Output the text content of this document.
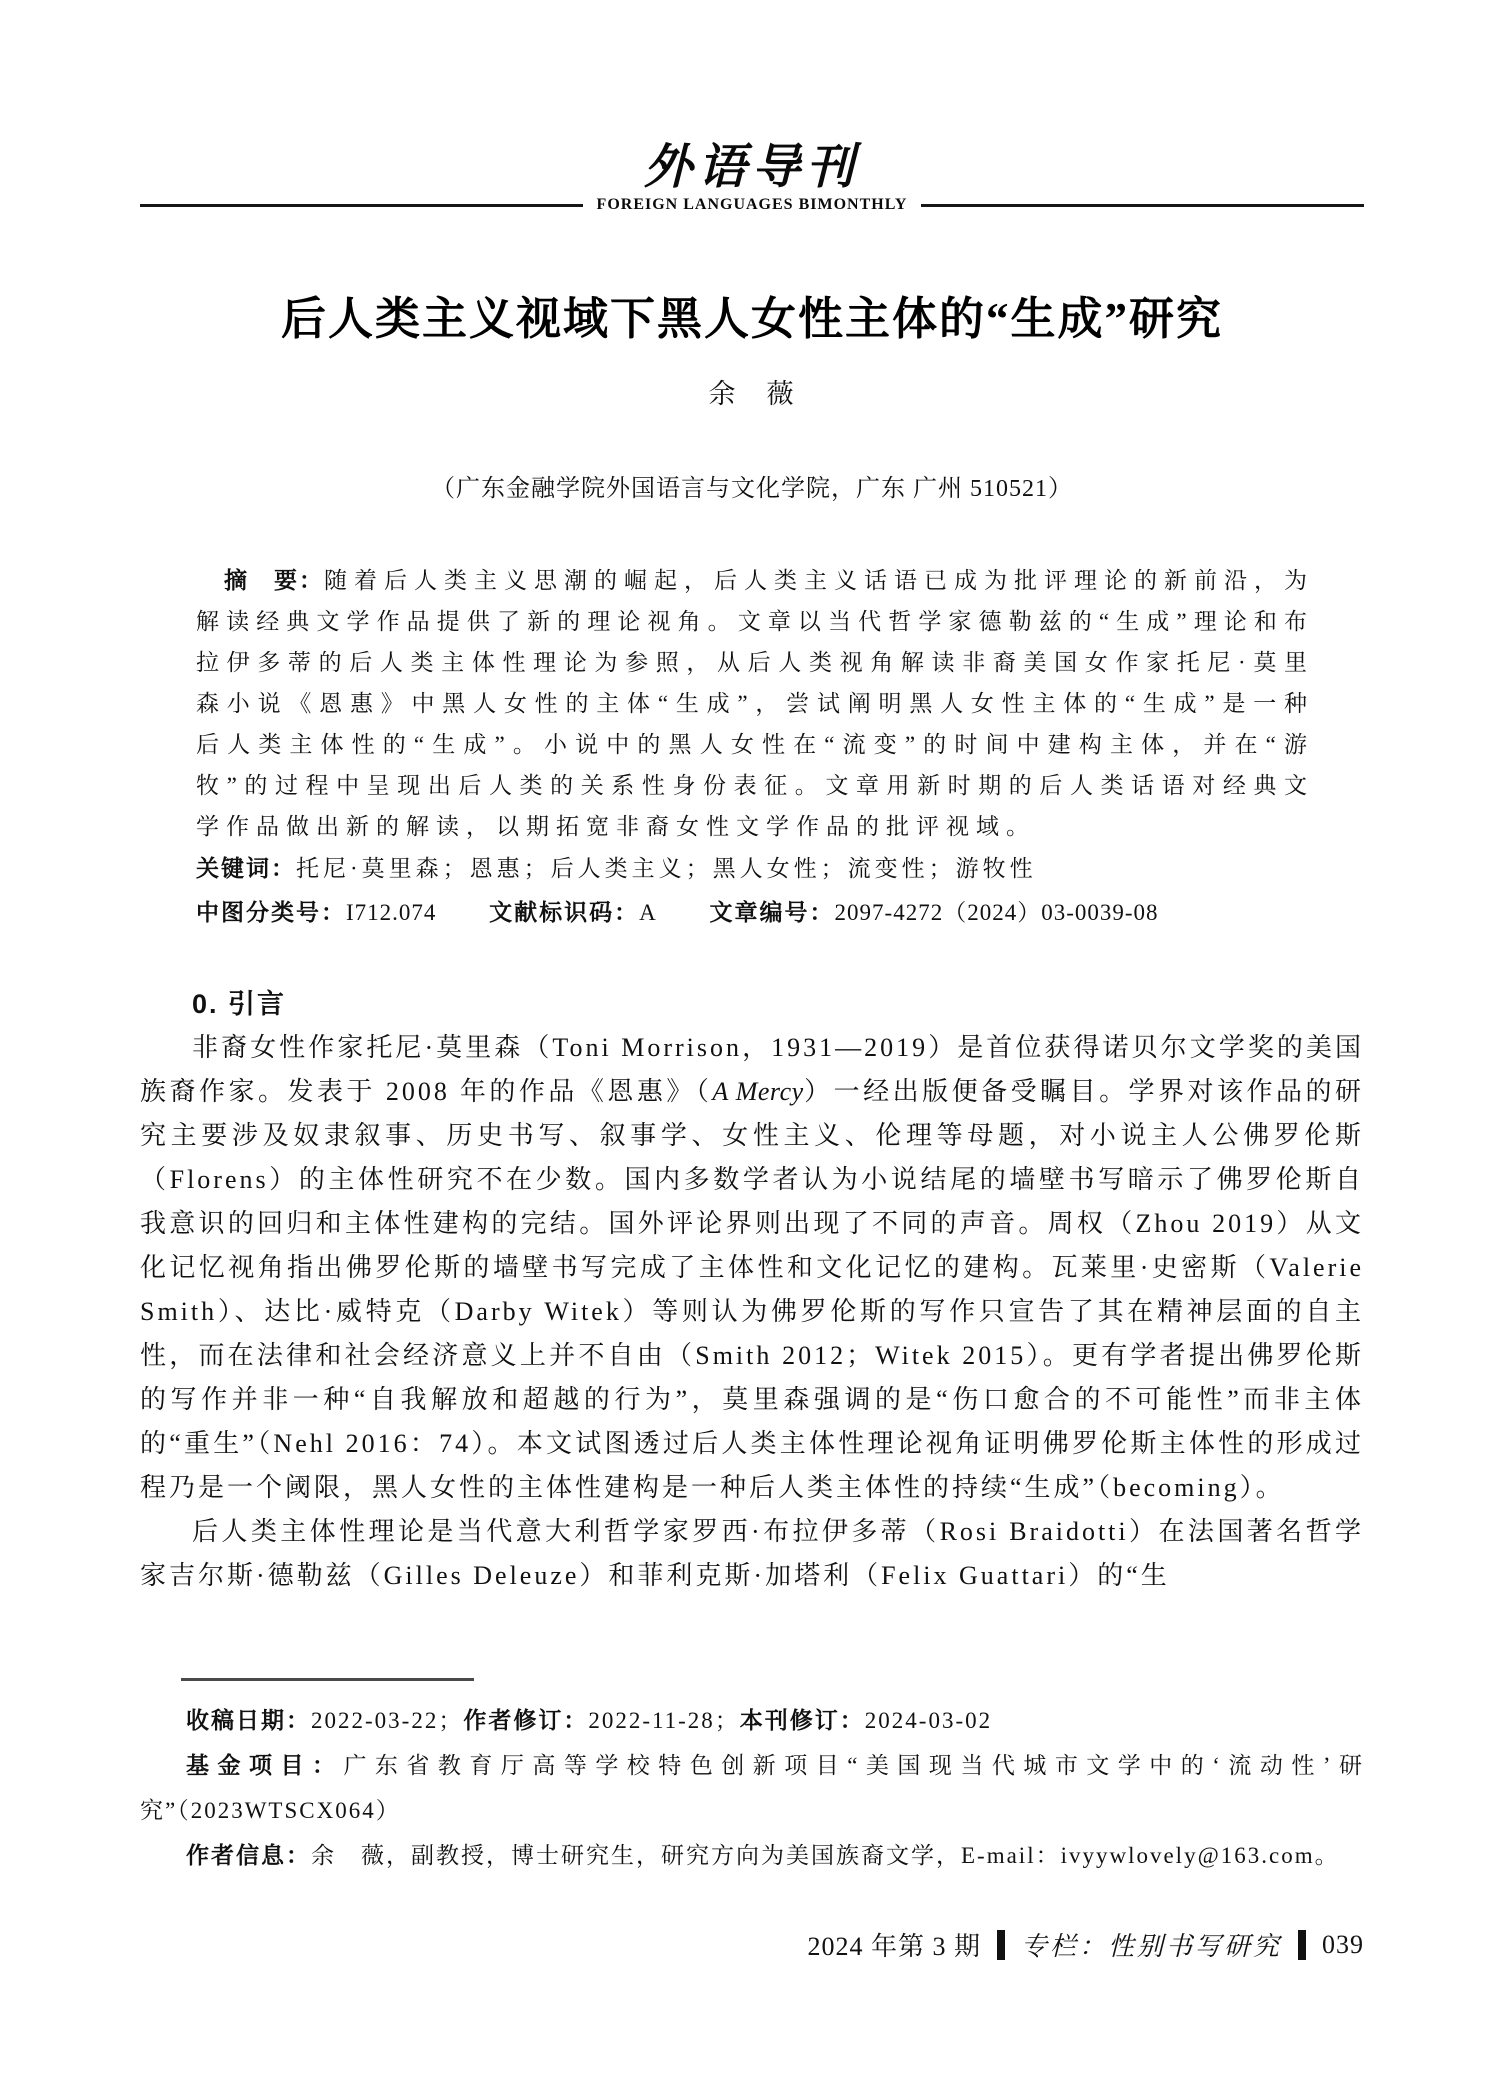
外语导刊
FOREIGN LANGUAGES BIMONTHLY
后人类主义视域下黑人女性主体的“生成”研究
余　薇
（广东金融学院外国语言与文化学院，广东 广州 510521）
摘　要：随着后人类主义思潮的崛起，后人类主义话语已成为批评理论的新前沿，为解读经典文学作品提供了新的理论视角。文章以当代哲学家德勒兹的“生成”理论和布拉伊多蒂的后人类主体性理论为参照，从后人类视角解读非裔美国女作家托尼·莫里森小说《恩惠》中黑人女性的主体“生成”，尝试阐明黑人女性主体的“生成”是一种后人类主体性的“生成”。小说中的黑人女性在“流变”的时间中建构主体，并在“游牧”的过程中呈现出后人类的关系性身份表征。文章用新时期的后人类话语对经典文学作品做出新的解读，以期拓宽非裔女性文学作品的批评视域。
关键词：托尼·莫里森；恩惠；后人类主义；黑人女性；流变性；游牧性
中图分类号：I712.074 文献标识码：A 文章编号：2097-4272（2024）03-0039-08
0. 引言

非裔女性作家托尼·莫里森（Toni Morrison，1931—2019）是首位获得诺贝尔文学奖的美国族裔作家。发表于 2008 年的作品《恩惠》（A Mercy）一经出版便备受瞩目。学界对该作品的研究主要涉及奴隶叙事、历史书写、叙事学、女性主义、伦理等母题，对小说主人公佛罗伦斯（Florens）的主体性研究不在少数。国内多数学者认为小说结尾的墙壁书写暗示了佛罗伦斯自我意识的回归和主体性建构的完结。国外评论界则出现了不同的声音。周权（Zhou 2019）从文化记忆视角指出佛罗伦斯的墙壁书写完成了主体性和文化记忆的建构。瓦莱里·史密斯（Valerie Smith）、达比·威特克（Darby Witek）等则认为佛罗伦斯的写作只宣告了其在精神层面的自主性，而在法律和社会经济意义上并不自由（Smith 2012；Witek 2015）。更有学者提出佛罗伦斯的写作并非一种“自我解放和超越的行为”，莫里森强调的是“伤口愈合的不可能性”而非主体的“重生”（Nehl 2016：74）。本文试图透过后人类主体性理论视角证明佛罗伦斯主体性的形成过程乃是一个阈限，黑人女性的主体性建构是一种后人类主体性的持续“生成”（becoming）。

后人类主体性理论是当代意大利哲学家罗西·布拉伊多蒂（Rosi Braidotti）在法国著名哲学家吉尔斯·德勒兹（Gilles Deleuze）和菲利克斯·加塔利（Felix Guattari）的“生

收稿日期：2022-03-22；作者修订：2022-11-28；本刊修订：2024-03-02

基金项目：广东省教育厅高等学校特色创新项目“美国现当代城市文学中的‘流动性’研究”（2023WTSCX064）

作者信息：余　薇，副教授，博士研究生，研究方向为美国族裔文学，E-mail：ivyywlovely@163.com。

2024 年第 3 期 专栏：性别书写研究 039
